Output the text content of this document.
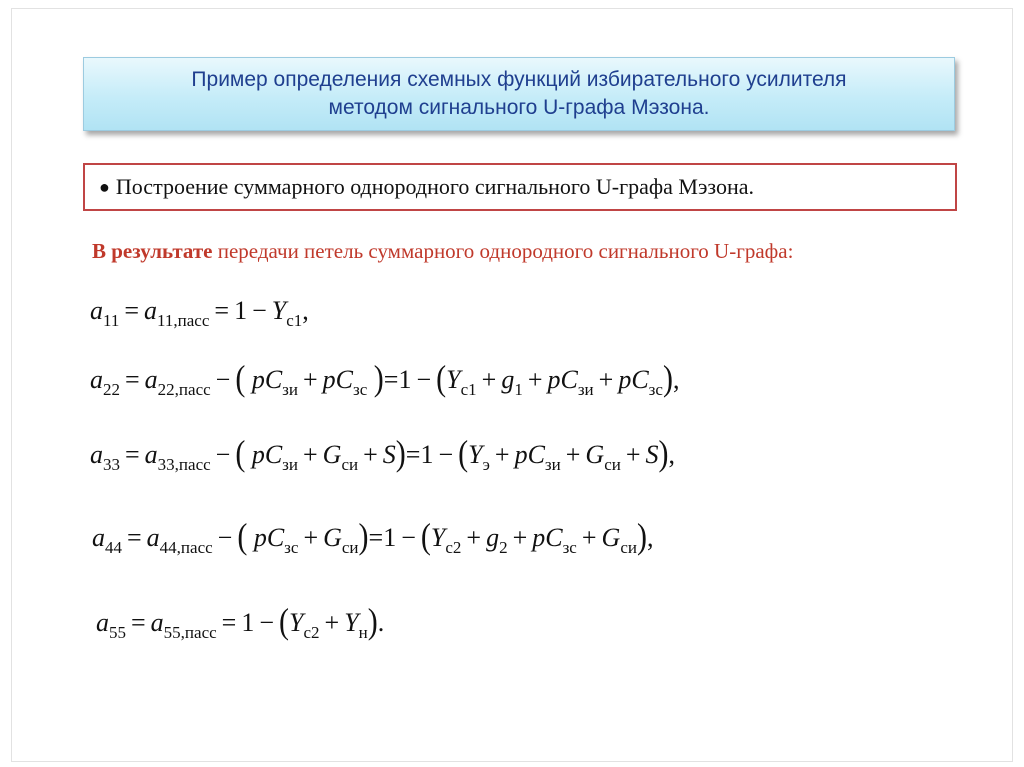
Пример определения схемных функций избирательного усилителя
методом сигнального U-графа Мэзона.
● Построение суммарного однородного сигнального U-графа Мэзона.
В результате передачи петель суммарного однородного сигнального U-графа:
$a_{11} = a_{11,пасс} = 1 - Y_{c1}$,
$a_{22} = a_{22,пасс}$ − ( $pC_{зи} + pC_{зс}$ )$=1 - (Y_{c1} + g_1 + pC_{зи} + pC_{зс})$,
$a_{33} = a_{33,пасс}$ − ( $pC_{зи} + G_{си} + S)=1 - (Y_э + pC_{зи} + G_{си} + S)$,
$a_{44} = a_{44,пасс}$ − ( $pC_{зс} + G_{си})=1 - (Y_{c2} + g_2 + pC_{зс} + G_{си})$,
$a_{55} = a_{55,пасс} = 1 - (Y_{c2} + Y_н)$.
